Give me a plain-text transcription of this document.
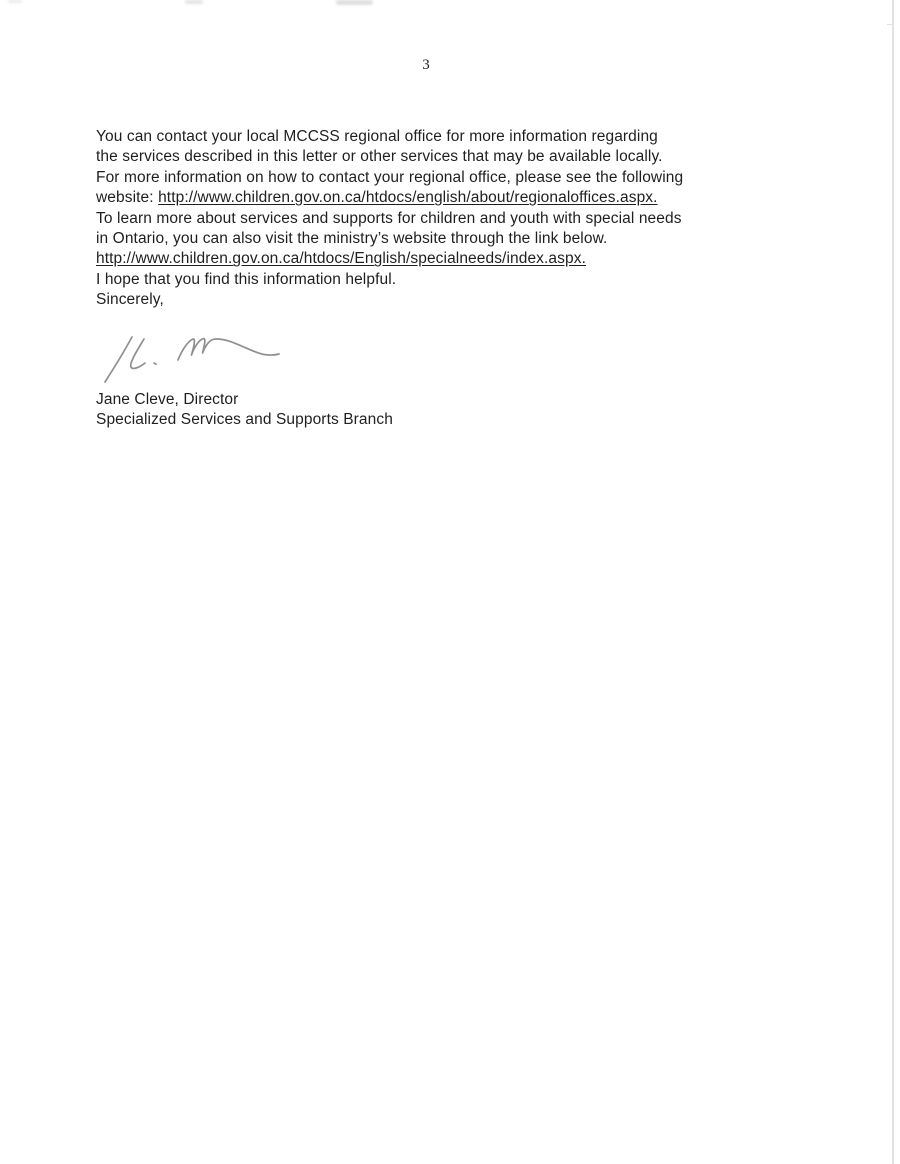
3

You can contact your local MCCSS regional office for more information regarding
the services described in this letter or other services that may be available locally.
For more information on how to contact your regional office, please see the following
website: http://www.children.gov.on.ca/htdocs/english/about/regionaloffices.aspx.

To learn more about services and supports for children and youth with special needs
in Ontario, you can also visit the ministry’s website through the link below.
http://www.children.gov.on.ca/htdocs/English/specialneeds/index.aspx.

I hope that you find this information helpful.

Sincerely,

Jane Cleve, Director
Specialized Services and Supports Branch
